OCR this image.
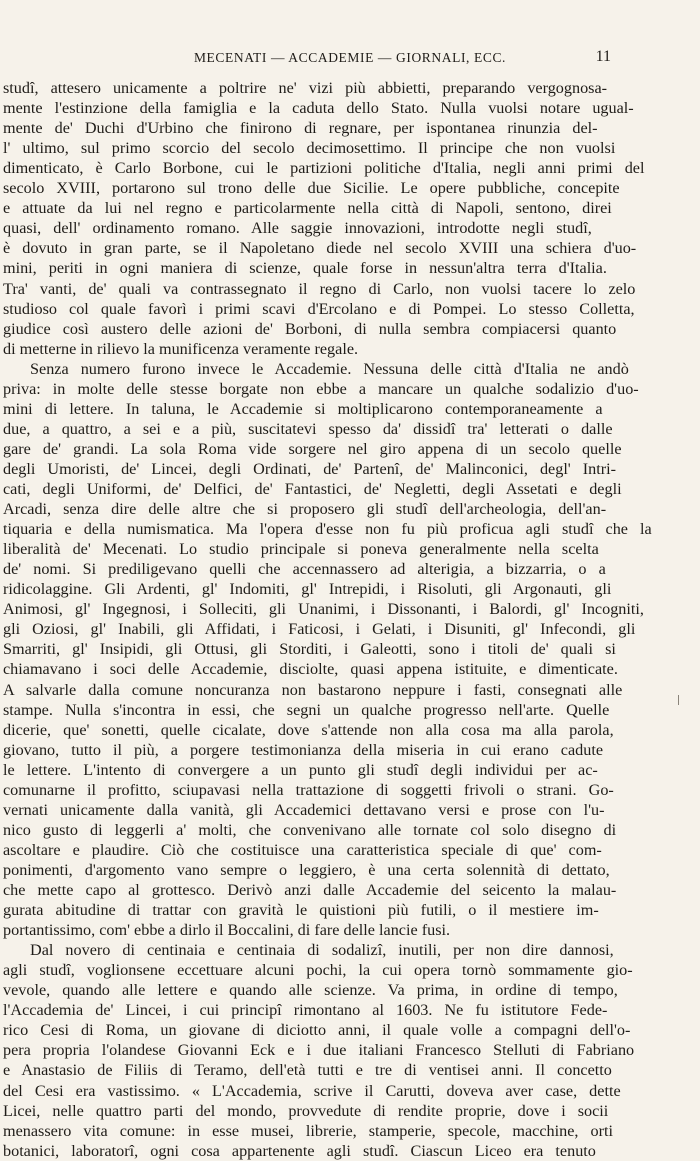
MECENATI — ACCADEMIE — GIORNALI, ECC.	11
studî, attesero unicamente a poltrire ne' vizi più abbietti, preparando vergognosa-
mente l'estinzione della famiglia e la caduta dello Stato. Nulla vuolsi notare ugual-
mente de' Duchi d'Urbino che finirono di regnare, per ispontanea rinunzia del-
l' ultimo, sul primo scorcio del secolo decimosettimo. Il principe che non vuolsi
dimenticato, è Carlo Borbone, cui le partizioni politiche d'Italia, negli anni primi del
secolo XVIII, portarono sul trono delle due Sicilie. Le opere pubbliche, concepite
e attuate da lui nel regno e particolarmente nella città di Napoli, sentono, direi
quasi, dell' ordinamento romano. Alle saggie innovazioni, introdotte negli studî,
è dovuto in gran parte, se il Napoletano diede nel secolo XVIII una schiera d'uo-
mini, periti in ogni maniera di scienze, quale forse in nessun'altra terra d'Italia.
Tra' vanti, de' quali va contrassegnato il regno di Carlo, non vuolsi tacere lo zelo
studioso col quale favorì i primi scavi d'Ercolano e di Pompei. Lo stesso Colletta,
giudice così austero delle azioni de' Borboni, di nulla sembra compiacersi quanto
di metterne in rilievo la munificenza veramente regale.
Senza numero furono invece le Accademie. Nessuna delle città d'Italia ne andò
priva: in molte delle stesse borgate non ebbe a mancare un qualche sodalizio d'uo-
mini di lettere. In taluna, le Accademie si moltiplicarono contemporaneamente a
due, a quattro, a sei e a più, suscitatevi spesso da' dissidî tra' letterati o dalle
gare de' grandi. La sola Roma vide sorgere nel giro appena di un secolo quelle
degli Umoristi, de' Lincei, degli Ordinati, de' Partenî, de' Malinconici, degl' Intri-
cati, degli Uniformi, de' Delfici, de' Fantastici, de' Negletti, degli Assetati e degli
Arcadi, senza dire delle altre che si proposero gli studî dell'archeologia, dell'an-
tiquaria e della numismatica. Ma l'opera d'esse non fu più proficua agli studî che la
liberalità de' Mecenati. Lo studio principale si poneva generalmente nella scelta
de' nomi. Si prediligevano quelli che accennassero ad alterigia, a bizzarria, o a
ridicolaggine. Gli Ardenti, gl' Indomiti, gl' Intrepidi, i Risoluti, gli Argonauti, gli
Animosi, gl' Ingegnosi, i Solleciti, gli Unanimi, i Dissonanti, i Balordi, gl' Incogniti,
gli Oziosi, gl' Inabili, gli Affidati, i Faticosi, i Gelati, i Disuniti, gl' Infecondi, gli
Smarriti, gl' Insipidi, gli Ottusi, gli Storditi, i Galeotti, sono i titoli de' quali si
chiamavano i soci delle Accademie, disciolte, quasi appena istituite, e dimenticate.
A salvarle dalla comune noncuranza non bastarono neppure i fasti, consegnati alle
stampe. Nulla s'incontra in essi, che segni un qualche progresso nell'arte. Quelle
dicerie, que' sonetti, quelle cicalate, dove s'attende non alla cosa ma alla parola,
giovano, tutto il più, a porgere testimonianza della miseria in cui erano cadute
le lettere. L'intento di convergere a un punto gli studî degli individui per ac-
comunarne il profitto, sciupavasi nella trattazione di soggetti frivoli o strani. Go-
vernati unicamente dalla vanità, gli Accademici dettavano versi e prose con l'u-
nico gusto di leggerli a' molti, che convenivano alle tornate col solo disegno di
ascoltare e plaudire. Ciò che costituisce una caratteristica speciale di que' com-
ponimenti, d'argomento vano sempre o leggiero, è una certa solennità di dettato,
che mette capo al grottesco. Derivò anzi dalle Accademie del seicento la malau-
gurata abitudine di trattar con gravità le quistioni più futili, o il mestiere im-
portantissimo, com' ebbe a dirlo il Boccalini, di fare delle lancie fusi.
Dal novero di centinaia e centinaia di sodalizî, inutili, per non dire dannosi,
agli studî, voglionsene eccettuare alcuni pochi, la cui opera tornò sommamente gio-
vevole, quando alle lettere e quando alle scienze. Va prima, in ordine di tempo,
l'Accademia de' Lincei, i cui principî rimontano al 1603. Ne fu istitutore Fede-
rico Cesi di Roma, un giovane di diciotto anni, il quale volle a compagni dell'o-
pera propria l'olandese Giovanni Eck e i due italiani Francesco Stelluti di Fabriano
e Anastasio de Filiis di Teramo, dell'età tutti e tre di ventisei anni. Il concetto
del Cesi era vastissimo. « L'Accademia, scrive il Carutti, doveva aver case, dette
Licei, nelle quattro parti del mondo, provvedute di rendite proprie, dove i socii
menassero vita comune: in esse musei, librerie, stamperie, specole, macchine, orti
botanici, laboratorî, ogni cosa appartenente agli studî. Ciascun Liceo era tenuto
